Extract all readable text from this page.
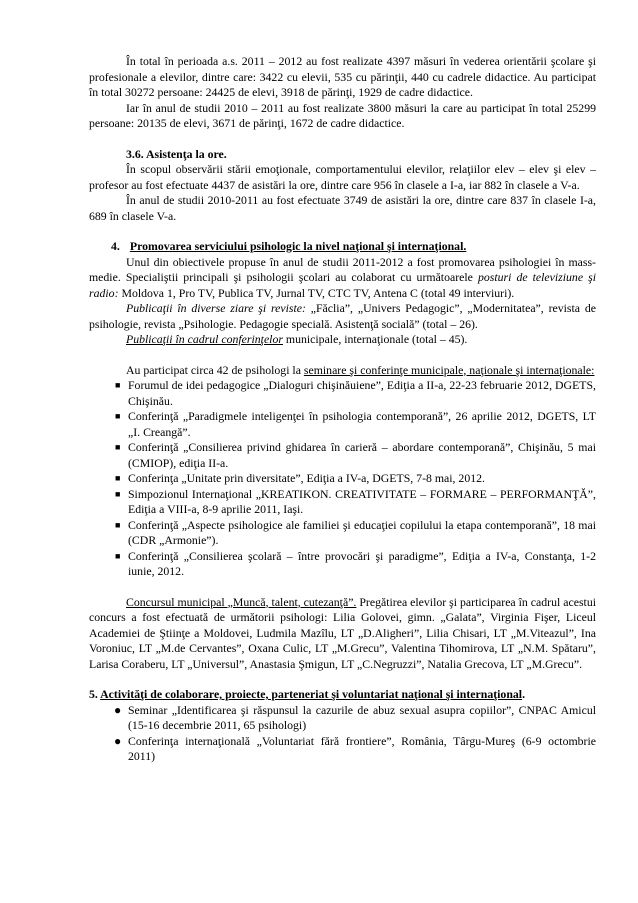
În total în perioada a.s. 2011 – 2012 au fost realizate 4397 măsuri în vederea orientării şcolare şi profesionale a elevilor, dintre care: 3422 cu elevii, 535 cu părinţii, 440 cu cadrele didactice. Au participat în total 30272 persoane: 24425 de elevi, 3918 de părinţi, 1929 de cadre didactice.

Iar în anul de studii 2010 – 2011 au fost realizate 3800 măsuri la care au participat în total 25299 persoane: 20135 de elevi, 3671 de părinţi, 1672 de cadre didactice.

3.6. Asistenţa la ore.

În scopul observării stării emoţionale, comportamentului elevilor, relaţiilor elev – elev şi elev – profesor au fost efectuate 4437 de asistări la ore, dintre care 956 în clasele a I-a, iar 882 în clasele a V-a.

În anul de studii 2010-2011 au fost efectuate 3749 de asistări la ore, dintre care 837 în clasele I-a, 689 în clasele V-a.

4. Promovarea serviciului psihologic la nivel naţional şi internaţional.

Unul din obiectivele propuse în anul de studii 2011-2012 a fost promovarea psihologiei în mass-medie. Specialiştii principali şi psihologii şcolari au colaborat cu următoarele posturi de televiziune şi radio: Moldova 1, Pro TV, Publica TV, Jurnal TV, CTC TV, Antena C (total 49 interviuri).

Publicaţii în diverse ziare şi reviste: „Făclia”, „Univers Pedagogic”, „Modernitatea”, revista de psihologie, revista „Psihologie. Pedagogie specială. Asistenţă socială” (total – 26).

Publicaţii în cadrul conferinţelor municipale, internaţionale (total – 45).

Au participat circa 42 de psihologi la seminare şi conferinţe municipale, naţionale şi internaţionale:

■ Forumul de idei pedagogice „Dialoguri chişinăuiene”, Ediţia a II-a, 22-23 februarie 2012, DGETS, Chişinău.
■ Conferinţă „Paradigmele inteligenţei în psihologia contemporană”, 26 aprilie 2012, DGETS, LT „I. Creangă”.
■ Conferinţă „Consilierea privind ghidarea în carieră – abordare contemporană”, Chişinău, 5 mai (CMIOP), ediţia II-a.
■ Conferinţa „Unitate prin diversitate”, Ediţia a IV-a, DGETS, 7-8 mai, 2012.
■ Simpozionul Internaţional „KREATIKON. CREATIVITATE – FORMARE – PERFORMANŢĂ”, Ediţia a VIII-a, 8-9 aprilie 2011, Iaşi.
■ Conferinţă „Aspecte psihologice ale familiei şi educaţiei copilului la etapa contemporană”, 18 mai (CDR „Armonie”).
■ Conferinţă „Consilierea şcolară – între provocări şi paradigme”, Ediţia a IV-a, Constanţa, 1-2 iunie, 2012.

Concursul municipal „Muncă, talent, cutezanţă”. Pregătirea elevilor şi participarea în cadrul acestui concurs a fost efectuată de următorii psihologi: Lilia Golovei, gimn. „Galata”, Virginia Fişer, Liceul Academiei de Ştiinţe a Moldovei, Ludmila Mazîlu, LT „D.Aligheri”, Lilia Chisari, LT „M.Viteazul”, Ina Voroniuc, LT „M.de Cervantes”, Oxana Culic, LT „M.Grecu”, Valentina Tihomirova, LT „N.M. Spătaru”, Larisa Coraberu, LT „Universul”, Anastasia Şmigun, LT „C.Negruzzi”, Natalia Grecova, LT „M.Grecu”.

5. Activităţi de colaborare, proiecte, parteneriat şi voluntariat naţional şi internaţional.

● Seminar „Identificarea şi răspunsul la cazurile de abuz sexual asupra copiilor”, CNPAC Amicul (15-16 decembrie 2011, 65 psihologi)
● Conferinţa internaţională „Voluntariat fără frontiere”, România, Târgu-Mureş (6-9 octombrie 2011)
